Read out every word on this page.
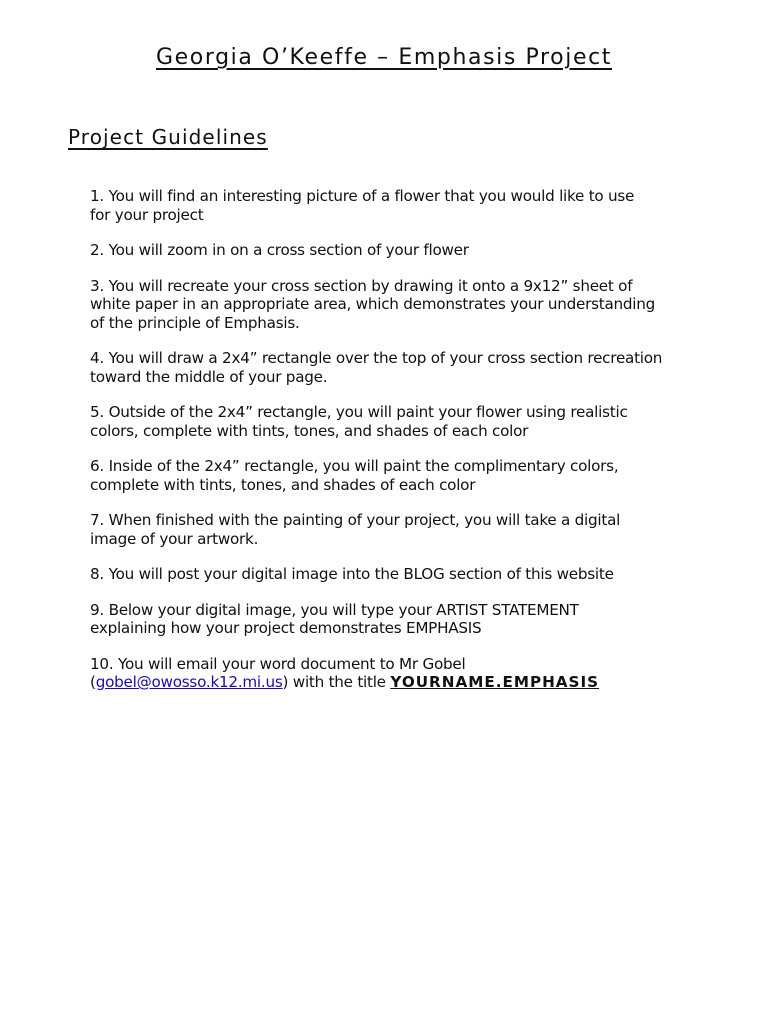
Georgia O’Keeffe – Emphasis Project
Project Guidelines
1. You will find an interesting picture of a flower that you would like to use
for your project
2. You will zoom in on a cross section of your flower
3. You will recreate your cross section by drawing it onto a 9x12” sheet of
white paper in an appropriate area, which demonstrates your understanding
of the principle of Emphasis.
4. You will draw a 2x4” rectangle over the top of your cross section recreation
toward the middle of your page.
5. Outside of the 2x4” rectangle, you will paint your flower using realistic
colors, complete with tints, tones, and shades of each color
6. Inside of the 2x4” rectangle, you will paint the complimentary colors,
complete with tints, tones, and shades of each color
7. When finished with the painting of your project, you will take a digital
image of your artwork.
8. You will post your digital image into the BLOG section of this website
9. Below your digital image, you will type your ARTIST STATEMENT
explaining how your project demonstrates EMPHASIS
10. You will email your word document to Mr Gobel
(gobel@owosso.k12.mi.us) with the title YOURNAME.EMPHASIS
